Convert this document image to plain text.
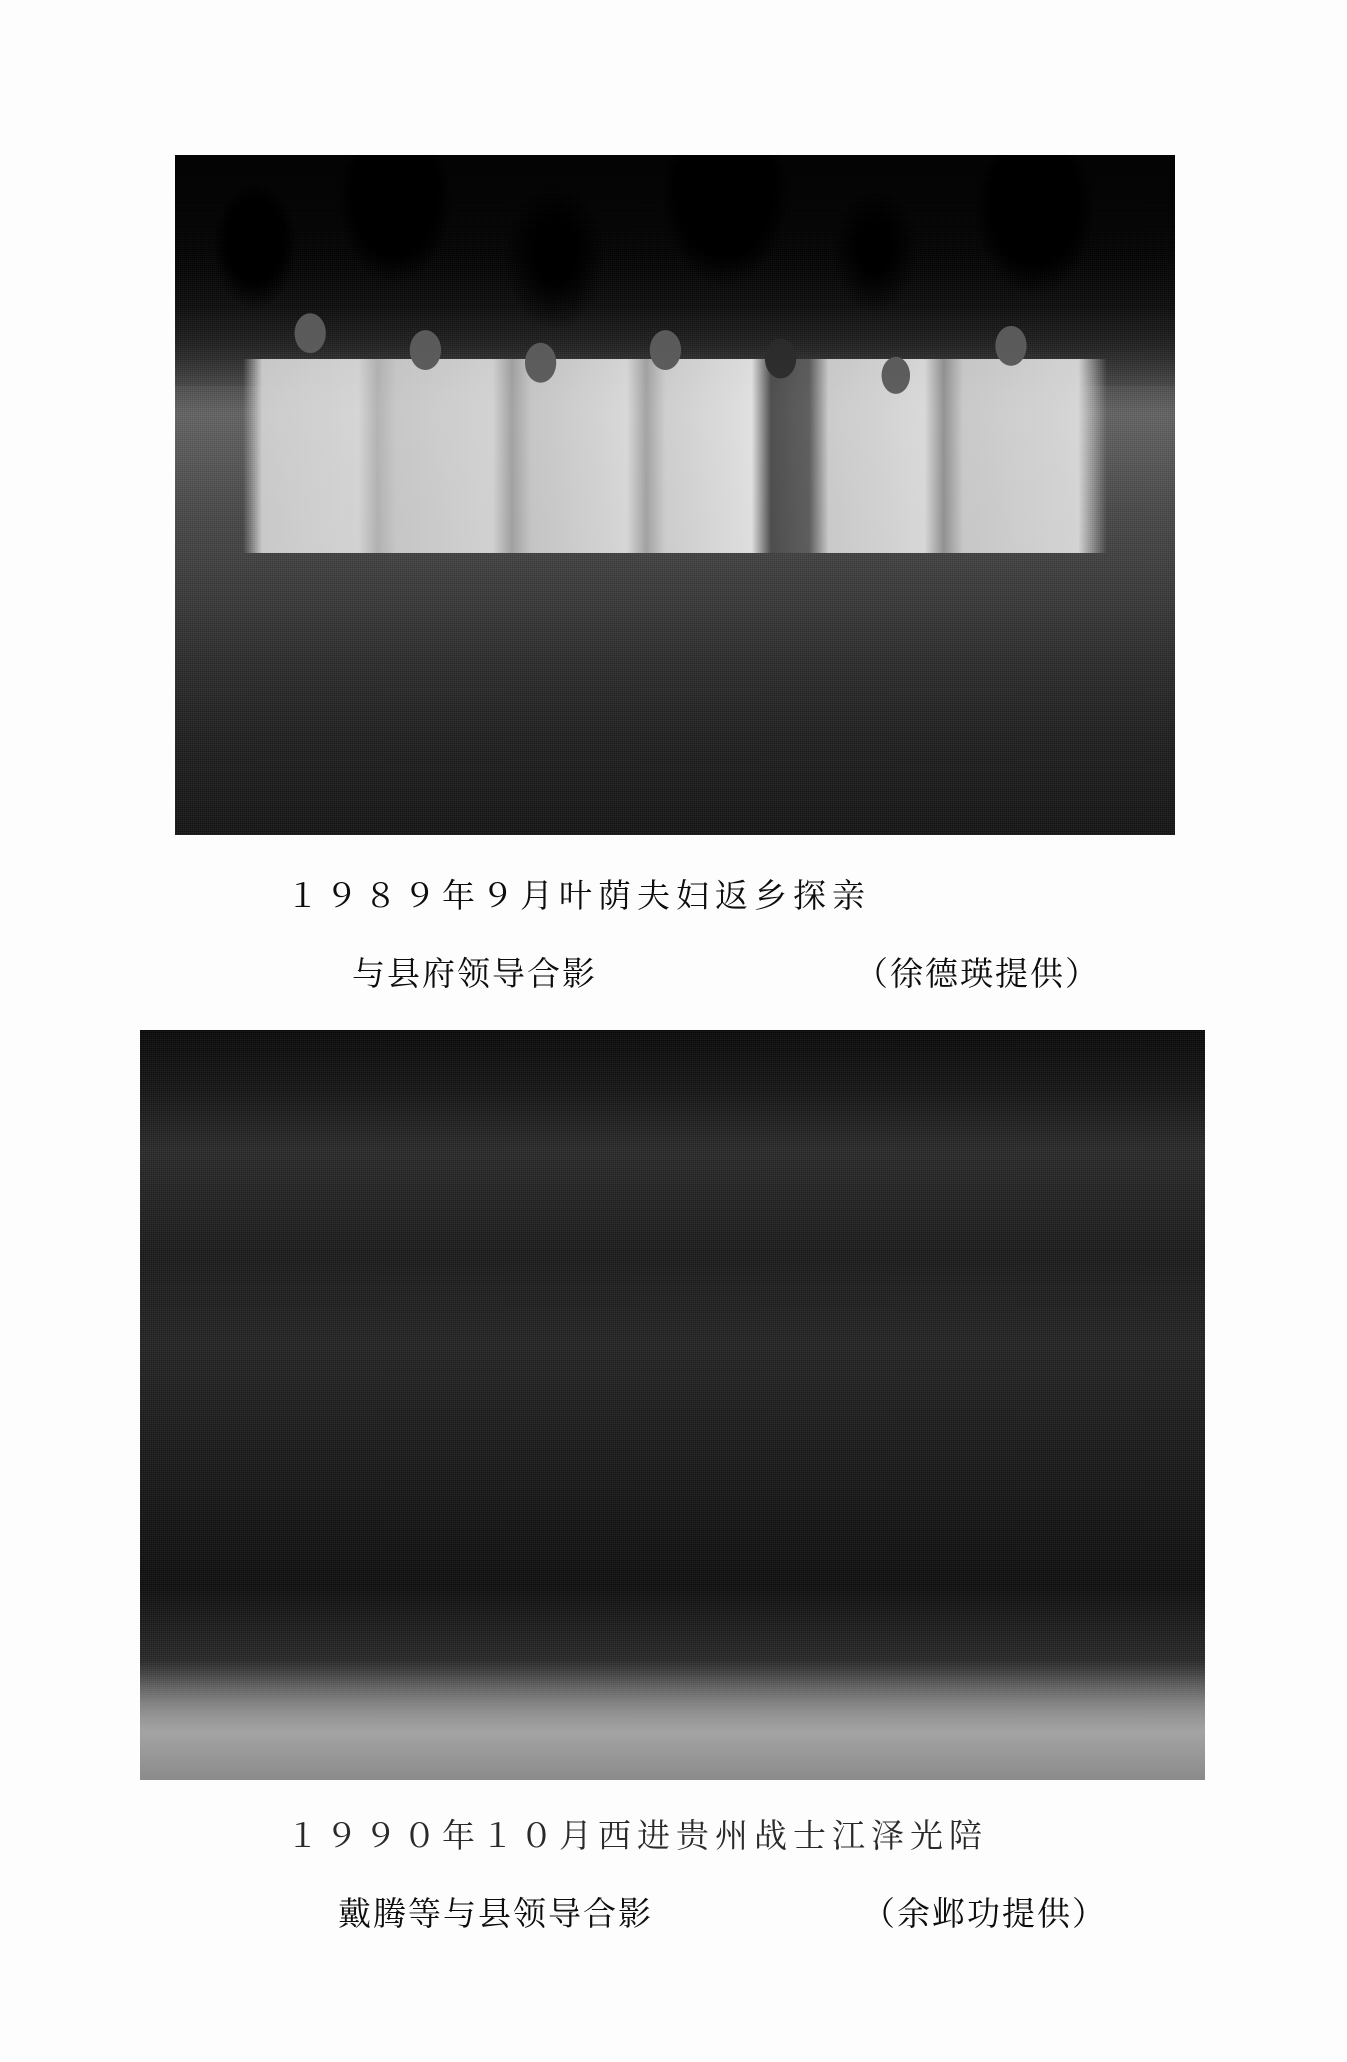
１９８９年９月叶荫夫妇返乡探亲
与县府领导合影	（徐德瑛提供）
１９９０年１０月西进贵州战士江泽光陪
戴腾等与县领导合影	（余邺功提供）
